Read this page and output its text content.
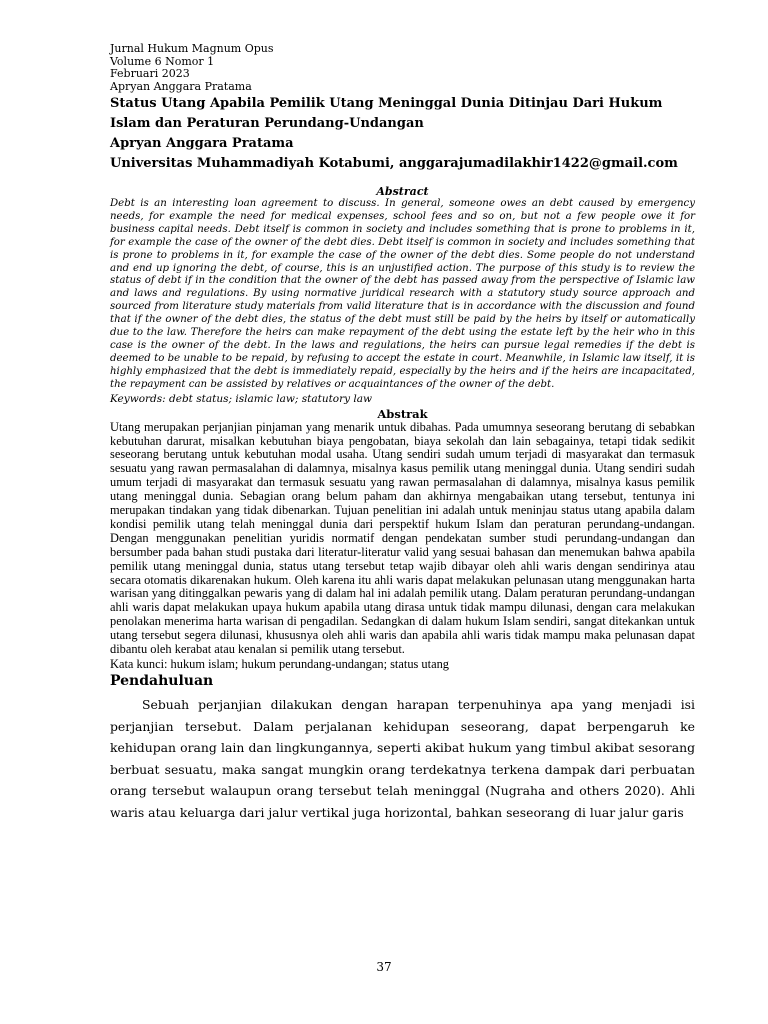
Jurnal Hukum Magnum Opus
Volume 6 Nomor 1
Februari 2023
Apryan Anggara Pratama
Status Utang Apabila Pemilik Utang Meninggal Dunia Ditinjau Dari Hukum Islam dan Peraturan Perundang-Undangan
Apryan Anggara Pratama
Universitas Muhammadiyah Kotabumi, anggarajumadilakhir1422@gmail.com
Abstract

Debt is an interesting loan agreement to discuss. In general, someone owes an debt caused by emergency needs, for example the need for medical expenses, school fees and so on, but not a few people owe it for business capital needs. Debt itself is common in society and includes something that is prone to problems in it, for example the case of the owner of the debt dies. Debt itself is common in society and includes something that is prone to problems in it, for example the case of the owner of the debt dies. Some people do not understand and end up ignoring the debt, of course, this is an unjustified action. The purpose of this study is to review the status of debt if in the condition that the owner of the debt has passed away from the perspective of Islamic law and laws and regulations. By using normative juridical research with a statutory study source approach and sourced from literature study materials from valid literature that is in accordance with the discussion and found that if the owner of the debt dies, the status of the debt must still be paid by the heirs by itself or automatically due to the law. Therefore the heirs can make repayment of the debt using the estate left by the heir who in this case is the owner of the debt. In the laws and regulations, the heirs can pursue legal remedies if the debt is deemed to be unable to be repaid, by refusing to accept the estate in court. Meanwhile, in Islamic law itself, it is highly emphasized that the debt is immediately repaid, especially by the heirs and if the heirs are incapacitated, the repayment can be assisted by relatives or acquaintances of the owner of the debt.

Keywords: debt status; islamic law; statutory law
Abstrak

Utang merupakan perjanjian pinjaman yang menarik untuk dibahas. Pada umumnya seseorang berutang di sebabkan kebutuhan darurat, misalkan kebutuhan biaya pengobatan, biaya sekolah dan lain sebagainya, tetapi tidak sedikit seseorang berutang untuk kebutuhan modal usaha. Utang sendiri sudah umum terjadi di masyarakat dan termasuk sesuatu yang rawan permasalahan di dalamnya, misalnya kasus pemilik utang meninggal dunia. Utang sendiri sudah umum terjadi di masyarakat dan termasuk sesuatu yang rawan permasalahan di dalamnya, misalnya kasus pemilik utang meninggal dunia. Sebagian orang belum paham dan akhirnya mengabaikan utang tersebut, tentunya ini merupakan tindakan yang tidak dibenarkan. Tujuan penelitian ini adalah untuk meninjau status utang apabila dalam kondisi pemilik utang telah meninggal dunia dari perspektif hukum Islam dan peraturan perundang-undangan. Dengan menggunakan penelitian yuridis normatif dengan pendekatan sumber studi perundang-undangan dan bersumber pada bahan studi pustaka dari literatur-literatur valid yang sesuai bahasan dan menemukan bahwa apabila pemilik utang meninggal dunia, status utang tersebut tetap wajib dibayar oleh ahli waris dengan sendirinya atau secara otomatis dikarenakan hukum. Oleh karena itu ahli waris dapat melakukan pelunasan utang menggunakan harta warisan yang ditinggalkan pewaris yang di dalam hal ini adalah pemilik utang. Dalam peraturan perundang-undangan ahli waris dapat melakukan upaya hukum apabila utang dirasa untuk tidak mampu dilunasi, dengan cara melakukan penolakan menerima harta warisan di pengadilan. Sedangkan di dalam hukum Islam sendiri, sangat ditekankan untuk utang tersebut segera dilunasi, khususnya oleh ahli waris dan apabila ahli waris tidak mampu maka pelunasan dapat dibantu oleh kerabat atau kenalan si pemilik utang tersebut.

Kata kunci: hukum islam; hukum perundang-undangan; status utang
Pendahuluan

Sebuah perjanjian dilakukan dengan harapan terpenuhinya apa yang menjadi isi perjanjian tersebut. Dalam perjalanan kehidupan seseorang, dapat berpengaruh ke kehidupan orang lain dan lingkungannya, seperti akibat hukum yang timbul akibat sesorang berbuat sesuatu, maka sangat mungkin orang terdekatnya terkena dampak dari perbuatan orang tersebut walaupun orang tersebut telah meninggal (Nugraha and others 2020). Ahli waris atau keluarga dari jalur vertikal juga horizontal, bahkan seseorang di luar jalur garis

37
